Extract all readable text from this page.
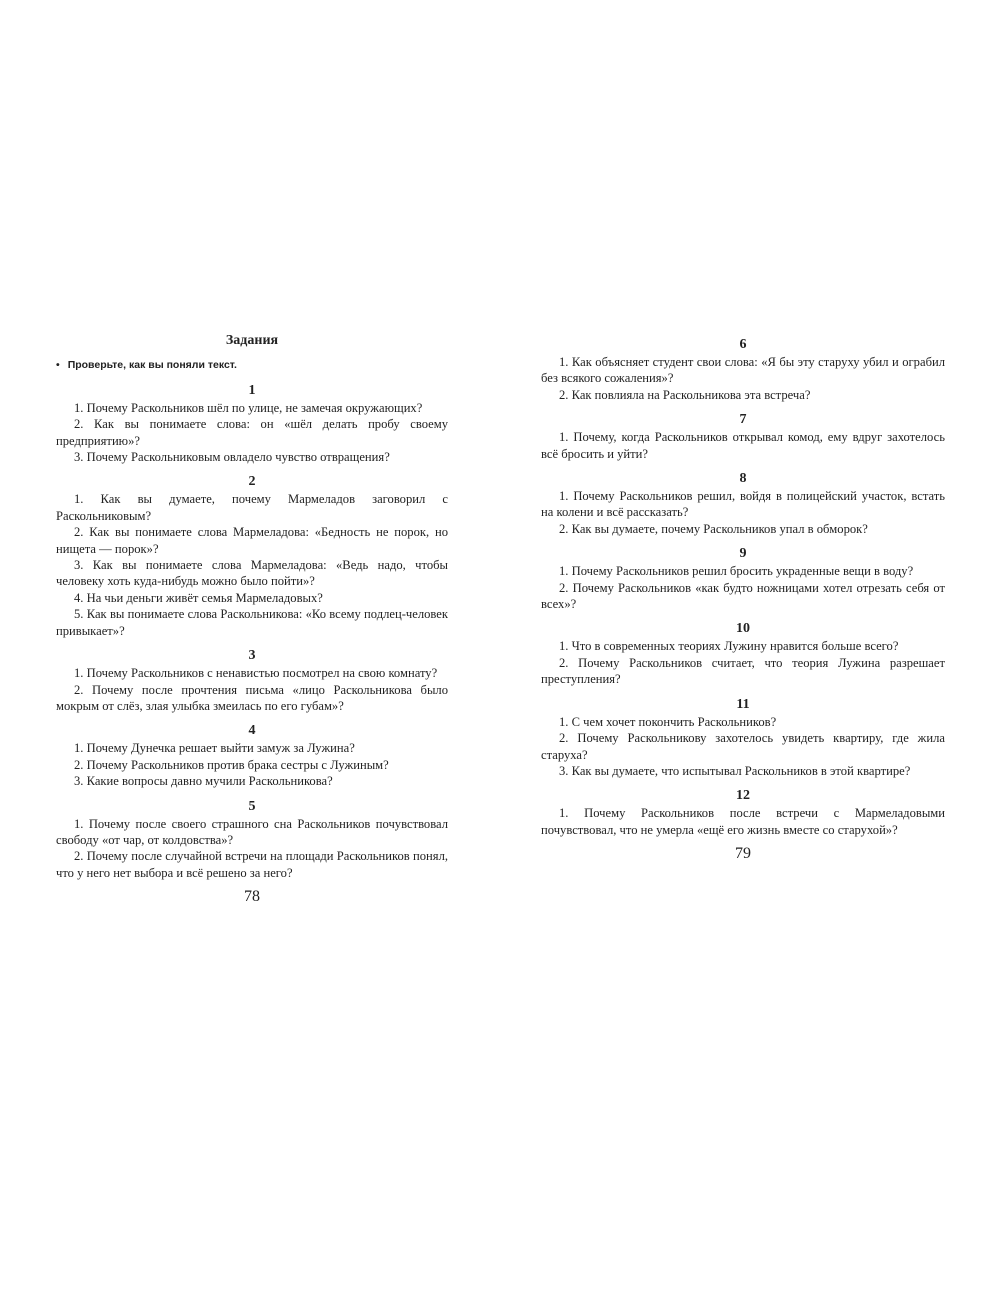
Задания
• Проверьте, как вы поняли текст.
1

1. Почему Раскольников шёл по улице, не замечая окружающих?

2. Как вы понимаете слова: он «шёл делать пробу своему предприятию»?

3. Почему Раскольниковым овладело чувство отвращения?

2

1. Как вы думаете, почему Мармеладов заговорил с Раскольниковым?

2. Как вы понимаете слова Мармеладова: «Бедность не порок, но нищета — порок»?

3. Как вы понимаете слова Мармеладова: «Ведь надо, чтобы человеку хоть куда-нибудь можно было пойти»?

4. На чьи деньги живёт семья Мармеладовых?

5. Как вы понимаете слова Раскольникова: «Ко всему подлец-человек привыкает»?

3

1. Почему Раскольников с ненавистью посмотрел на свою комнату?

2. Почему после прочтения письма «лицо Раскольникова было мокрым от слёз, злая улыбка змеилась по его губам»?

4

1. Почему Дунечка решает выйти замуж за Лужина?

2. Почему Раскольников против брака сестры с Лужиным?

3. Какие вопросы давно мучили Раскольникова?

5

1. Почему после своего страшного сна Раскольников почувствовал свободу «от чар, от колдовства»?

2. Почему после случайной встречи на площади Раскольников понял, что у него нет выбора и всё решено за него?

78
6

1. Как объясняет студент свои слова: «Я бы эту старуху убил и ограбил без всякого сожаления»?

2. Как повлияла на Раскольникова эта встреча?

7

1. Почему, когда Раскольников открывал комод, ему вдруг захотелось всё бросить и уйти?

8

1. Почему Раскольников решил, войдя в полицейский участок, встать на колени и всё рассказать?

2. Как вы думаете, почему Раскольников упал в обморок?

9

1. Почему Раскольников решил бросить украденные вещи в воду?

2. Почему Раскольников «как будто ножницами хотел отрезать себя от всех»?

10

1. Что в современных теориях Лужину нравится больше всего?

2. Почему Раскольников считает, что теория Лужина разрешает преступления?

11

1. С чем хочет покончить Раскольников?

2. Почему Раскольникову захотелось увидеть квартиру, где жила старуха?

3. Как вы думаете, что испытывал Раскольников в этой квартире?

12

1. Почему Раскольников после встречи с Мармеладовыми почувствовал, что не умерла «ещё его жизнь вместе со старухой»?

79
